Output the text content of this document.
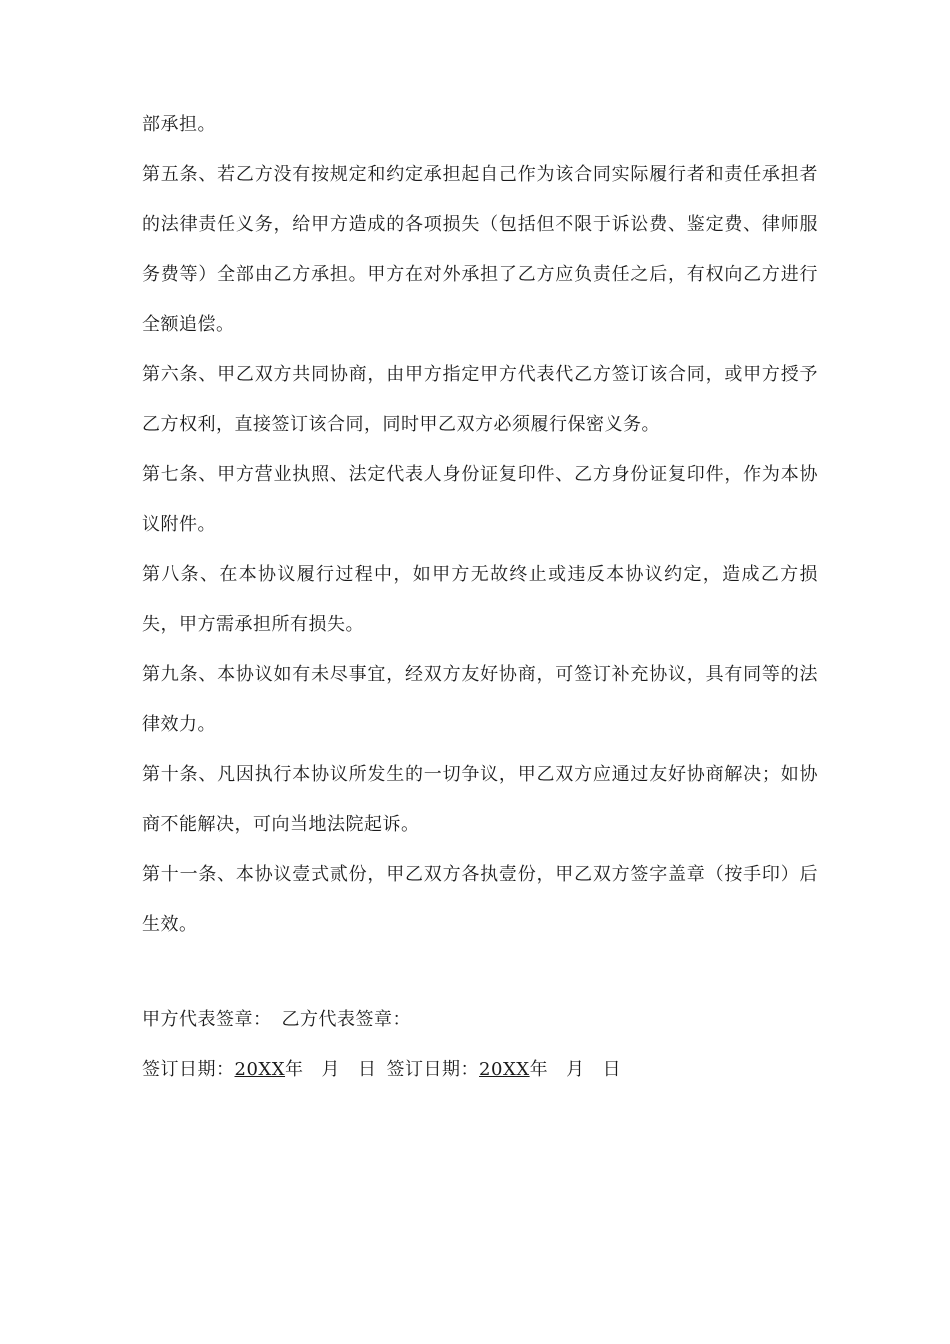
部承担。

第五条、若乙方没有按规定和约定承担起自己作为该合同实际履行者和责任承担者的法律责任义务，给甲方造成的各项损失（包括但不限于诉讼费、鉴定费、律师服务费等）全部由乙方承担。甲方在对外承担了乙方应负责任之后，有权向乙方进行全额追偿。

第六条、甲乙双方共同协商，由甲方指定甲方代表代乙方签订该合同，或甲方授予乙方权利，直接签订该合同，同时甲乙双方必须履行保密义务。

第七条、甲方营业执照、法定代表人身份证复印件、乙方身份证复印件，作为本协议附件。

第八条、在本协议履行过程中，如甲方无故终止或违反本协议约定，造成乙方损失，甲方需承担所有损失。

第九条、本协议如有未尽事宜，经双方友好协商，可签订补充协议，具有同等的法律效力。

第十条、凡因执行本协议所发生的一切争议，甲乙双方应通过友好协商解决；如协商不能解决，可向当地法院起诉。

第十一条、本协议壹式贰份，甲乙双方各执壹份，甲乙双方签字盖章（按手印）后生效。

甲方代表签章： 乙方代表签章：
签订日期：20XX年 月 日 签订日期：20XX年 月 日
